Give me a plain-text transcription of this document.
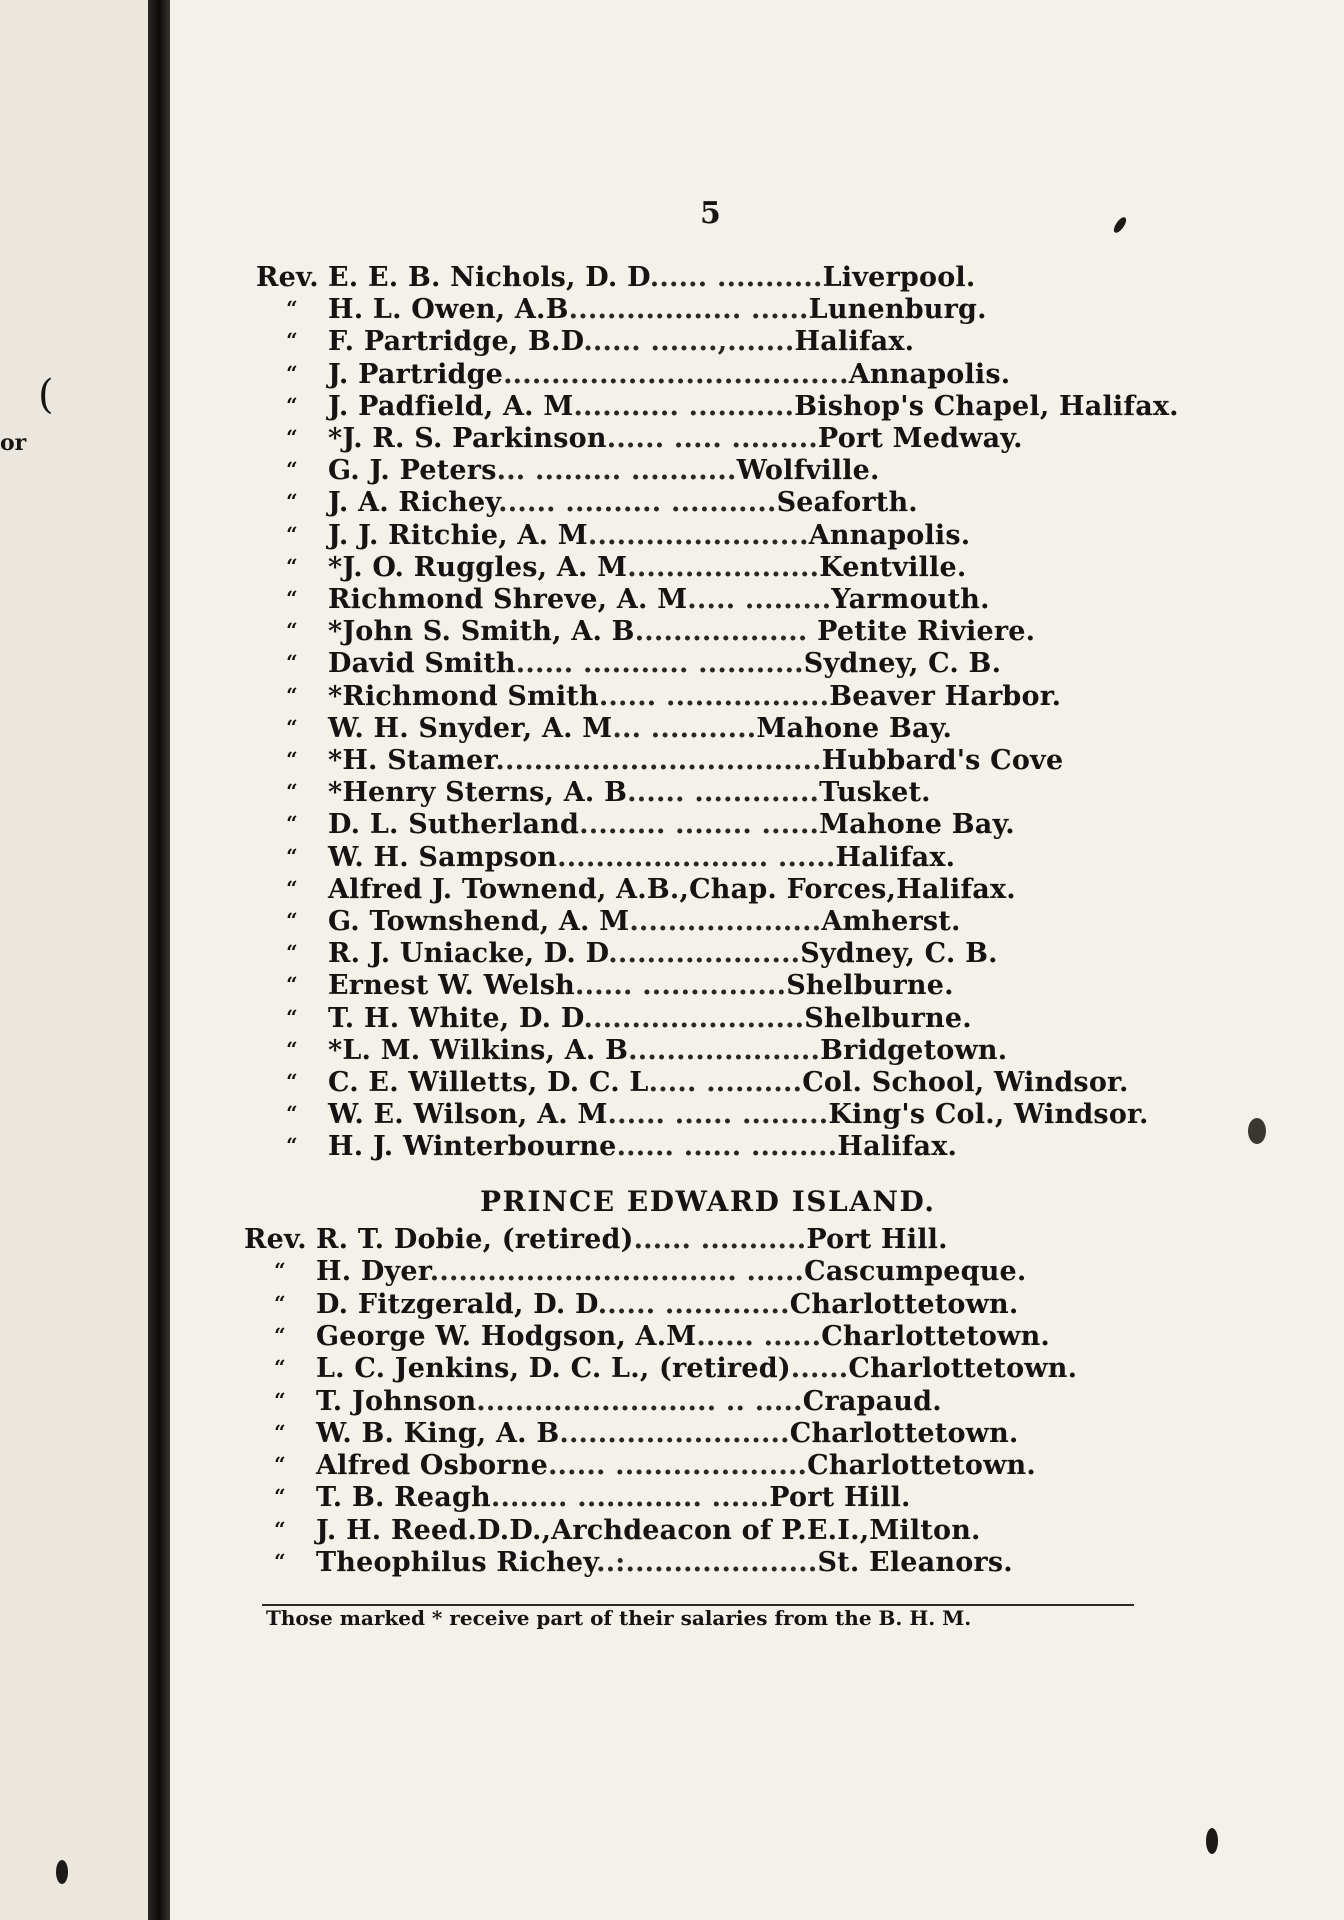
(
or
5
Rev. E. E. B. Nichols, D. D...... ...........Liverpool.
“ H. L. Owen, A.B.................. ......Lunenburg.
“ F. Partridge, B.D...... .......,.......Halifax.
“ J. Partridge....................................Annapolis.
“ J. Padfield, A. M........... ...........Bishop's Chapel, Halifax.
“ *J. R. S. Parkinson...... ..... .........Port Medway.
“ G. J. Peters... ......... ...........Wolfville.
“ J. A. Richey...... .......... ...........Seaforth.
“ J. J. Ritchie, A. M.......................Annapolis.
“ *J. O. Ruggles, A. M....................Kentville.
“ Richmond Shreve, A. M..... .........Yarmouth.
“ *John S. Smith, A. B.................. Petite Riviere.
“ David Smith...... ........... ...........Sydney, C. B.
“ *Richmond Smith...... .................Beaver Harbor.
“ W. H. Snyder, A. M... ...........Mahone Bay.
“ *H. Stamer..................................Hubbard's Cove
“ *Henry Sterns, A. B...... .............Tusket.
“ D. L. Sutherland......... ........ ......Mahone Bay.
“ W. H. Sampson...................... ......Halifax.
“ Alfred J. Townend, A.B.,Chap. Forces,Halifax.
“ G. Townshend, A. M....................Amherst.
“ R. J. Uniacke, D. D....................Sydney, C. B.
“ Ernest W. Welsh...... ...............Shelburne.
“ T. H. White, D. D.......................Shelburne.
“ *L. M. Wilkins, A. B....................Bridgetown.
“ C. E. Willetts, D. C. L..... ..........Col. School, Windsor.
“ W. E. Wilson, A. M...... ...... .........King's Col., Windsor.
“ H. J. Winterbourne...... ...... .........Halifax.
PRINCE EDWARD ISLAND.
Rev. R. T. Dobie, (retired)...... ...........Port Hill.
“ H. Dyer................................ ......Cascumpeque.
“ D. Fitzgerald, D. D...... .............Charlottetown.
“ George W. Hodgson, A.M...... ......Charlottetown.
“ L. C. Jenkins, D. C. L., (retired)......Charlottetown.
“ T. Johnson......................... .. .....Crapaud.
“ W. B. King, A. B........................Charlottetown.
“ Alfred Osborne...... ....................Charlottetown.
“ T. B. Reagh........ ............. ......Port Hill.
“ J. H. Reed.D.D.,Archdeacon of P.E.I.,Milton.
“ Theophilus Richey..:....................St. Eleanors.
Those marked * receive part of their salaries from the B. H. M.
